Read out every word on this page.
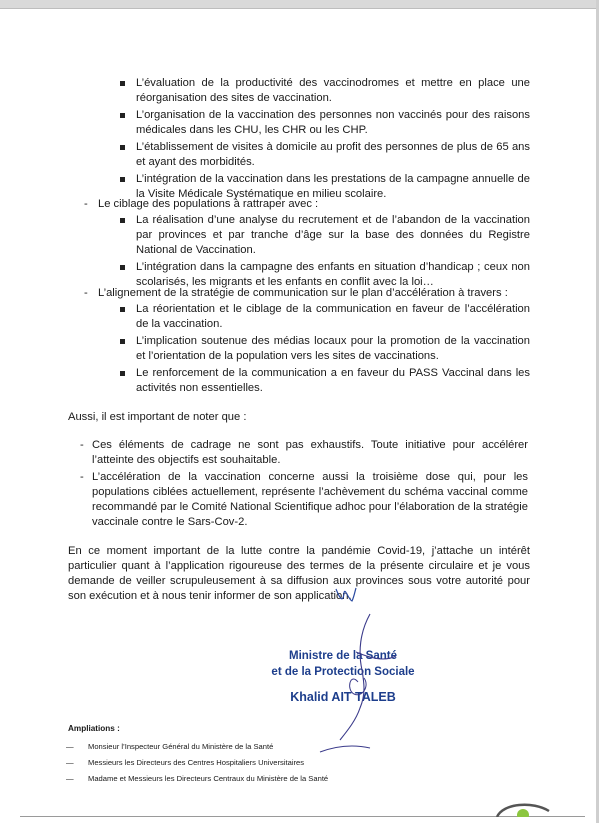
L’évaluation de la productivité des vaccinodromes et mettre en place une réorganisation des sites de vaccination.
L’organisation de la vaccination des personnes non vaccinés pour des raisons médicales dans les CHU, les CHR ou les CHP.
L’établissement de visites à domicile au profit des personnes de plus de 65 ans et ayant des morbidités.
L’intégration de la vaccination dans les prestations de la campagne annuelle de la Visite Médicale Systématique en milieu scolaire.
- Le ciblage des populations à rattraper avec :
La réalisation d’une analyse du recrutement et de l’abandon de la vaccination par provinces et par tranche d’âge sur la base des données du Registre National de Vaccination.
L’intégration dans la campagne des enfants en situation d’handicap ; ceux non scolarisés, les migrants et les enfants en conflit avec la loi…
- L’alignement de la stratégie de communication sur le plan d’accélération à travers :
La réorientation et le ciblage de la communication en faveur de l’accélération de la vaccination.
L’implication soutenue des médias locaux pour la promotion de la vaccination et l’orientation de la population vers les sites de vaccinations.
Le renforcement de la communication a en faveur du PASS Vaccinal dans les activités non essentielles.
Aussi, il est important de noter que :
- Ces éléments de cadrage ne sont pas exhaustifs. Toute initiative pour accélérer l’atteinte des objectifs est souhaitable.
- L’accélération de la vaccination concerne aussi la troisième dose qui, pour les populations ciblées actuellement, représente l’achèvement du schéma vaccinal comme recommandé par le Comité National Scientifique adhoc pour l’élaboration de la stratégie vaccinale contre le Sars-Cov-2.
En ce moment important de la lutte contre la pandémie Covid-19, j’attache un intérêt particulier quant à l’application rigoureuse des termes de la présente circulaire et je vous demande de veiller scrupuleusement à sa diffusion aux provinces sous votre autorité pour son exécution et à nous tenir informer de son application.
Ministre de la Santé
et de la Protection Sociale
Khalid AIT TALEB
Ampliations :
— Monsieur l’Inspecteur Général du Ministère de la Santé
— Messieurs les Directeurs des Centres Hospitaliers Universitaires
— Madame et Messieurs les Directeurs Centraux du Ministère de la Santé
